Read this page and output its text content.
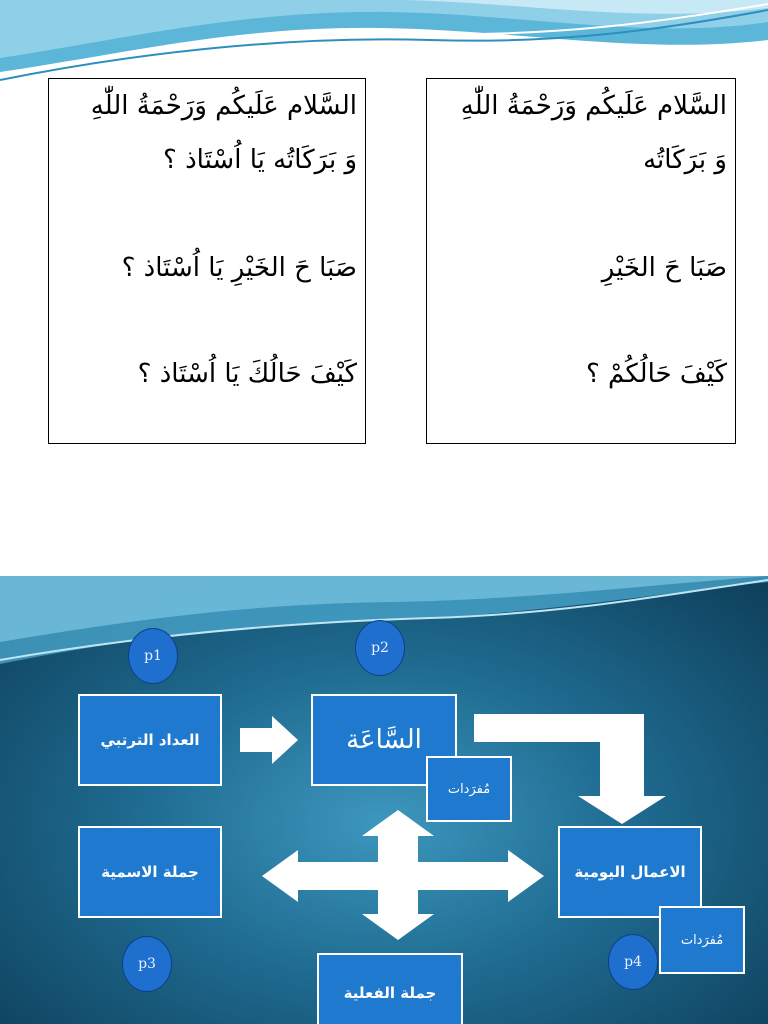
السَّلام عَلَيكُم وَرَحْمَةُ اللّٰهِ
وَ بَرَكَاتُه يَا اُسْتَاذ ؟
صَبَا حَ الخَيْرِ يَا اُسْتَاذ ؟
كَيْفَ حَالُكَ يَا اُسْتَاذ ؟
السَّلام عَلَيكُم وَرَحْمَةُ اللّٰهِ
وَ بَرَكَاتُه
صَبَا حَ الخَيْرِ
كَيْفَ حَالُكُمْ ؟
p1	p2
p3	p4
العداد الترتبي	السَّاعَة
مُفرَدات
جملة الاسمية	الاعمال اليومية
مُفرَدات
جملة الفعلية
